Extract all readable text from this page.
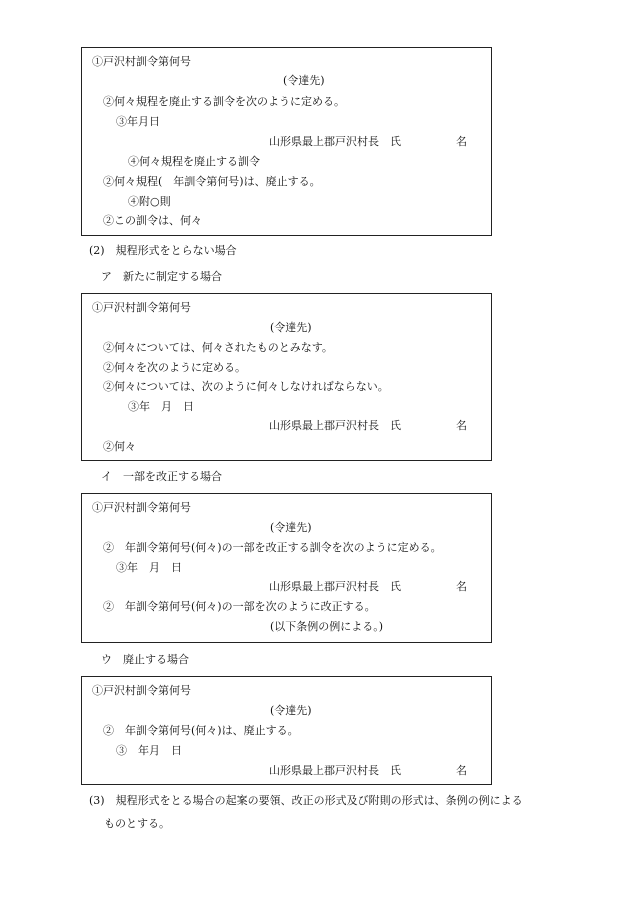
①戸沢村訓令第何号
(令達先)
②何々規程を廃止する訓令を次のように定める。
③年月日
山形県最上郡戸沢村長　氏　　　　　名
④何々規程を廃止する訓令
②何々規程(　年訓令第何号)は、廃止する。
④附○則
②この訓令は、何々
(2)　規程形式をとらない場合
ア　新たに制定する場合
①戸沢村訓令第何号
(令達先)
②何々については、何々されたものとみなす。
②何々を次のように定める。
②何々については、次のように何々しなければならない。
③年　月　日
山形県最上郡戸沢村長　氏　　　　　名
②何々
イ　一部を改正する場合
①戸沢村訓令第何号
(令達先)
②　年訓令第何号(何々)の一部を改正する訓令を次のように定める。
③年　月　日
山形県最上郡戸沢村長　氏　　　　　名
②　年訓令第何号(何々)の一部を次のように改正する。
(以下条例の例による。)
ウ　廃止する場合
①戸沢村訓令第何号
(令達先)
②　年訓令第何号(何々)は、廃止する。
③　年月　日
山形県最上郡戸沢村長　氏　　　　　名
(3)　規程形式をとる場合の起案の要領、改正の形式及び附則の形式は、条例の例による
ものとする。
